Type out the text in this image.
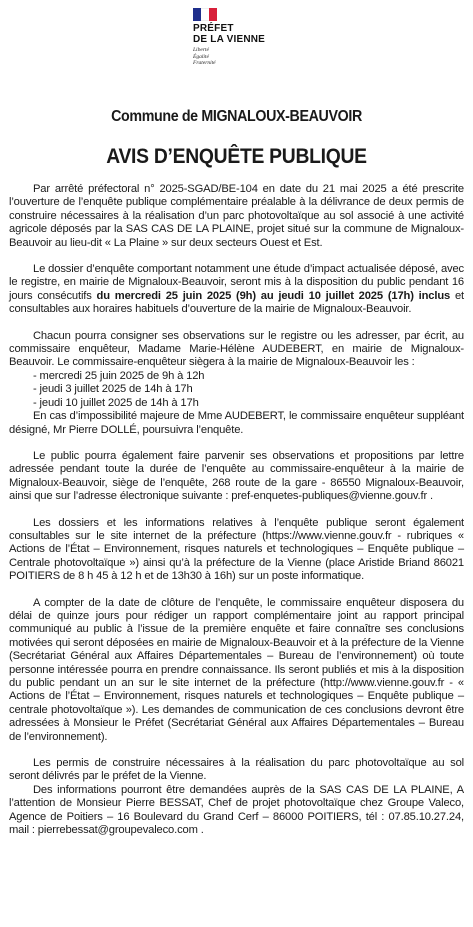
PRÉFET
DE LA VIENNE
Liberté
Égalité
Fraternité
Commune de MIGNALOUX-BEAUVOIR
AVIS D’ENQUÊTE PUBLIQUE

Par arrêté préfectoral n° 2025-SGAD/BE-104 en date du 21 mai 2025 a été prescrite l’ouverture de l’enquête publique complémentaire préalable à la délivrance de deux permis de construire nécessaires à la réalisation d’un parc photovoltaïque au sol associé à une activité agricole déposés par la SAS CAS DE LA PLAINE, projet situé sur la commune de Mignaloux-Beauvoir au lieu-dit « La Plaine » sur deux secteurs Ouest et Est.

Le dossier d’enquête comportant notamment une étude d’impact actualisée déposé, avec le registre, en mairie de Mignaloux-Beauvoir, seront mis à la disposition du public pendant 16 jours consécutifs du mercredi 25 juin 2025 (9h) au jeudi 10 juillet 2025 (17h) inclus et consultables aux horaires habituels d’ouverture de la mairie de Mignaloux-Beauvoir.

Chacun pourra consigner ses observations sur le registre ou les adresser, par écrit, au commissaire enquêteur, Madame Marie-Hélène AUDEBERT, en mairie de Mignaloux-Beauvoir. Le commissaire-enquêteur siègera à la mairie de Mignaloux-Beauvoir les :

- mercredi 25 juin 2025 de 9h à 12h
- jeudi 3 juillet 2025 de 14h à 17h
- jeudi 10 juillet 2025 de 14h à 17h

En cas d’impossibilité majeure de Mme AUDEBERT, le commissaire enquêteur suppléant désigné, Mr Pierre DOLLÉ, poursuivra l’enquête.

Le public pourra également faire parvenir ses observations et propositions par lettre adressée pendant toute la durée de l’enquête au commissaire-enquêteur à la mairie de Mignaloux-Beauvoir, siège de l’enquête, 268 route de la gare - 86550 Mignaloux-Beauvoir, ainsi que sur l’adresse électronique suivante : pref-enquetes-publiques@vienne.gouv.fr .

Les dossiers et les informations relatives à l’enquête publique seront également consultables sur le site internet de la préfecture (https://www.vienne.gouv.fr - rubriques « Actions de l’État – Environnement, risques naturels et technologiques – Enquête publique – Centrale photovoltaïque ») ainsi qu’à la préfecture de la Vienne (place Aristide Briand 86021 POITIERS de 8 h 45 à 12 h et de 13h30 à 16h) sur un poste informatique.

A compter de la date de clôture de l’enquête, le commissaire enquêteur disposera du délai de quinze jours pour rédiger un rapport complémentaire joint au rapport principal communiqué au public à l’issue de la première enquête et faire connaître ses conclusions motivées qui seront déposées en mairie de Mignaloux-Beauvoir et à la préfecture de la Vienne (Secrétariat Général aux Affaires Départementales – Bureau de l’environnement) où toute personne intéressée pourra en prendre connaissance. Ils seront publiés et mis à la disposition du public pendant un an sur le site internet de la préfecture (http://www.vienne.gouv.fr - « Actions de l’État – Environnement, risques naturels et technologiques – Enquête publique – centrale photovoltaïque »). Les demandes de communication de ces conclusions devront être adressées à Monsieur le Préfet (Secrétariat Général aux Affaires Départementales – Bureau de l’environnement).

Les permis de construire nécessaires à la réalisation du parc photovoltaïque au sol seront délivrés par le préfet de la Vienne.

Des informations pourront être demandées auprès de la SAS CAS DE LA PLAINE, A l’attention de Monsieur Pierre BESSAT, Chef de projet photovoltaïque chez Groupe Valeco, Agence de Poitiers – 16 Boulevard du Grand Cerf – 86000 POITIERS, tél : 07.85.10.27.24, mail : pierrebessat@groupevaleco.com .
